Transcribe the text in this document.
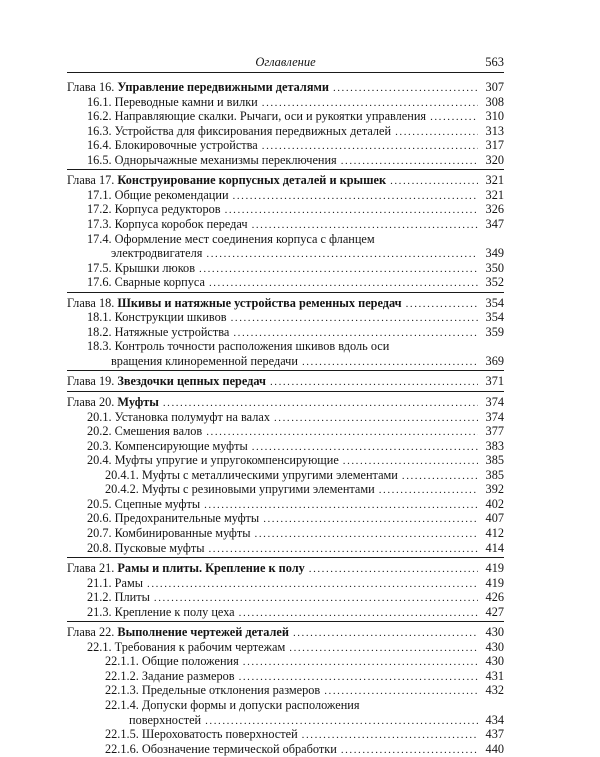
Оглавление	563
Глава 16. Управление передвижными деталями . . .	307
16.1. Переводные камни и вилки . . .	308
16.2. Направляющие скалки. Рычаги, оси и рукоятки управления . . .	310
16.3. Устройства для фиксирования передвижных деталей . . .	313
16.4. Блокировочные устройства . . .	317
16.5. Однорычажные механизмы переключения . . .	320
Глава 17. Конструирование корпусных деталей и крышек . . .	321
17.1. Общие рекомендации . . .	321
17.2. Корпуса редукторов . . .	326
17.3. Корпуса коробок передач . . .	347
17.4. Оформление мест соединения корпуса с фланцем
электродвигателя . . .	349
17.5. Крышки люков . . .	350
17.6. Сварные корпуса . . .	352
Глава 18. Шкивы и натяжные устройства ременных передач . . .	354
18.1. Конструкции шкивов . . .	354
18.2. Натяжные устройства . . .	359
18.3. Контроль точности расположения шкивов вдоль оси
вращения клиноременной передачи . . .	369
Глава 19. Звездочки цепных передач . . .	371
Глава 20. Муфты . . .	374
20.1. Установка полумуфт на валах . . .	374
20.2. Смешения валов . . .	377
20.3. Компенсирующие муфты . . .	383
20.4. Муфты упругие и упругокомпенсирующие . . .	385
20.4.1. Муфты с металлическими упругими элементами . . .	385
20.4.2. Муфты с резиновыми упругими элементами . . .	392
20.5. Сцепные муфты . . .	402
20.6. Предохранительные муфты . . .	407
20.7. Комбинированные муфты . . .	412
20.8. Пусковые муфты . . .	414
Глава 21. Рамы и плиты. Крепление к полу . . .	419
21.1. Рамы . . .	419
21.2. Плиты . . .	426
21.3. Крепление к полу цеха . . .	427
Глава 22. Выполнение чертежей деталей . . .	430
22.1. Требования к рабочим чертежам . . .	430
22.1.1. Общие положения . . .	430
22.1.2. Задание размеров . . .	431
22.1.3. Предельные отклонения размеров . . .	432
22.1.4. Допуски формы и допуски расположения
поверхностей . . .	434
22.1.5. Шероховатость поверхностей . . .	437
22.1.6. Обозначение термической обработки . . .	440
